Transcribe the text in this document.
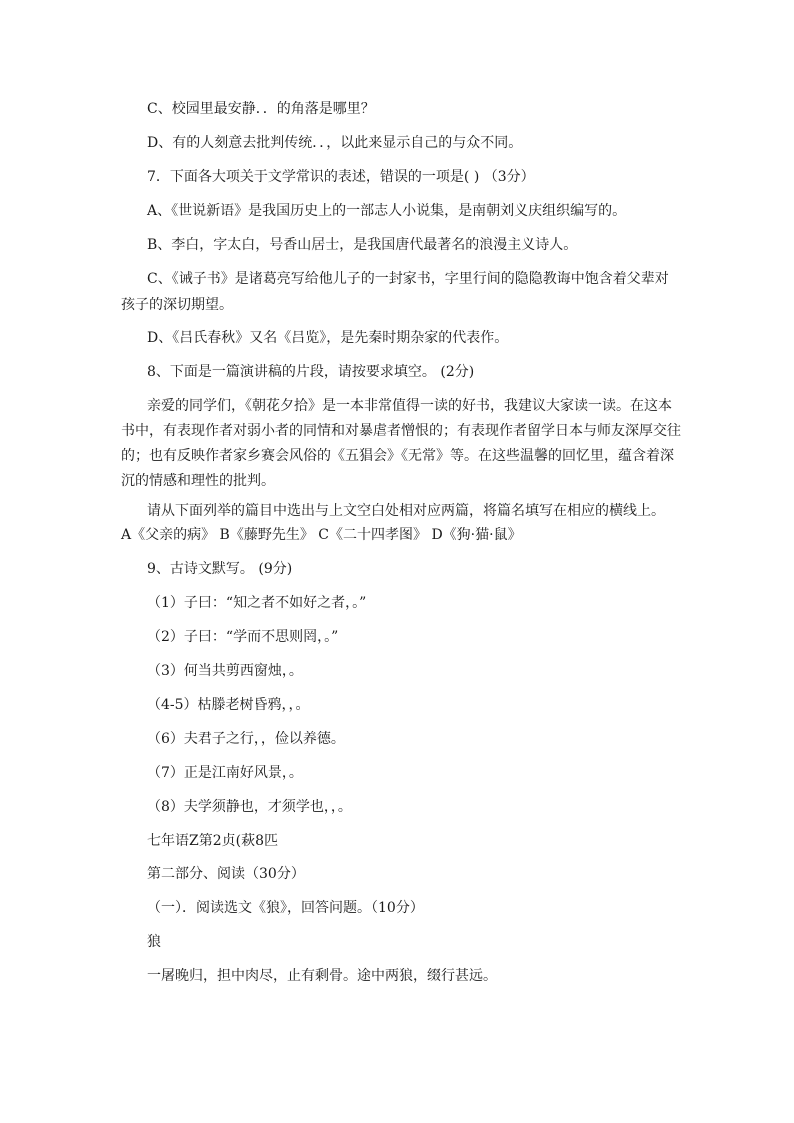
C、校园里最安静．．的角落是哪里？
D、有的人刻意去批判传统．．，以此来显示自己的与众不同。
7．下面各大项关于文学常识的表述，错误的一项是( ) （3分）
A、《世说新语》是我国历史上的一部志人小说集，是南朝刘义庆组织编写的。
B、李白，字太白，号香山居士，是我国唐代最著名的浪漫主义诗人。
C、《诫子书》是诸葛亮写给他儿子的一封家书，字里行间的隐隐教诲中饱含着父辈对
孩子的深切期望。
D、《吕氏春秋》又名《吕览》，是先秦时期杂家的代表作。
8、下面是一篇演讲稿的片段，请按要求填空。 (2分)
亲爱的同学们，《朝花夕拾》是一本非常值得一读的好书，我建议大家读一读。在这本
书中，有表现作者对弱小者的同情和对暴虐者憎恨的；有表现作者留学日本与师友深厚交往
的；也有反映作者家乡赛会风俗的《五猖会》《无常》等。在这些温馨的回忆里，蕴含着深
沉的情感和理性的批判。
请从下面列举的篇目中选出与上文空白处相对应两篇，将篇名填写在相应的横线上。
A《父亲的病》 B《藤野先生》 C《二十四孝图》 D《狗·猫·鼠》
9、古诗文默写。 (9分)
（1）子曰：“知之者不如好之者，。”
（2）子曰：“学而不思则罔，。”
（3）何当共剪西窗烛，。
（4-5）枯滕老树昏鸦，，。
（6）夫君子之行，，俭以养德。
（7）正是江南好风景，。
（8）夫学须静也，才须学也，，。
七年语Z第2贞(萩8匹
第二部分、阅读（30分）
（一）．阅读选文《狼》，回答问题。（10分）
狼
一屠晚归，担中肉尽，止有剩骨。途中两狼，缀行甚远。
